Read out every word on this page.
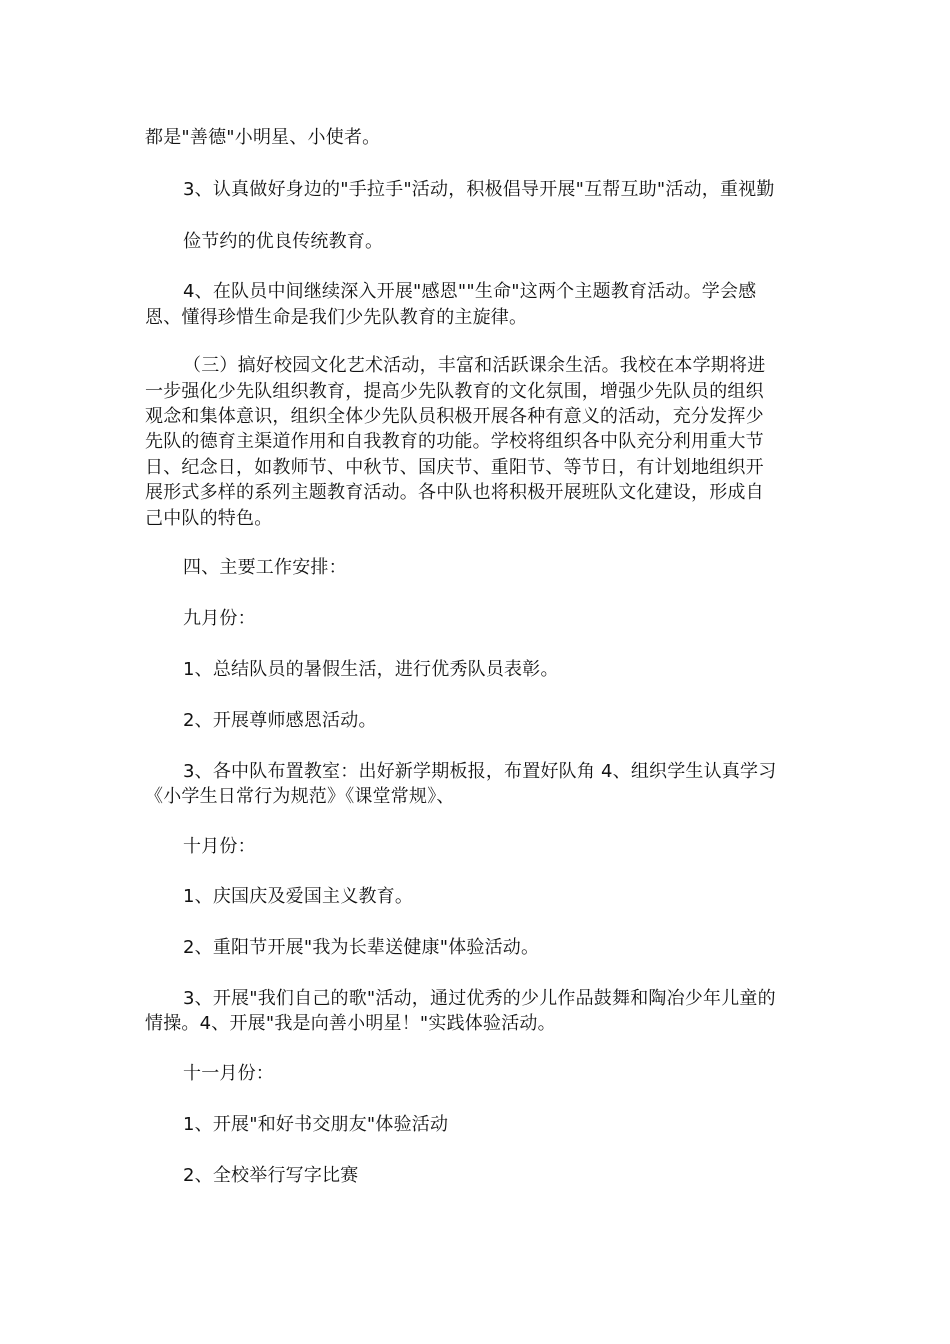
都是"善德"小明星、小使者。
3、认真做好身边的"手拉手"活动，积极倡导开展"互帮互助"活动，重视勤
俭节约的优良传统教育。
4、在队员中间继续深入开展"感恩""生命"这两个主题教育活动。学会感
恩、懂得珍惜生命是我们少先队教育的主旋律。
（三）搞好校园文化艺术活动，丰富和活跃课余生活。我校在本学期将进
一步强化少先队组织教育，提高少先队教育的文化氛围，增强少先队员的组织
观念和集体意识，组织全体少先队员积极开展各种有意义的活动，充分发挥少
先队的德育主渠道作用和自我教育的功能。学校将组织各中队充分利用重大节
日、纪念日，如教师节、中秋节、国庆节、重阳节、等节日，有计划地组织开
展形式多样的系列主题教育活动。各中队也将积极开展班队文化建设，形成自
己中队的特色。
四、主要工作安排：
九月份：
1、总结队员的暑假生活，进行优秀队员表彰。
2、开展尊师感恩活动。
3、各中队布置教室：出好新学期板报，布置好队角 4、组织学生认真学习
《小学生日常行为规范》《课堂常规》、
十月份：
1、庆国庆及爱国主义教育。
2、重阳节开展"我为长辈送健康"体验活动。
3、开展"我们自己的歌"活动，通过优秀的少儿作品鼓舞和陶冶少年儿童的
情操。4、开展"我是向善小明星！"实践体验活动。
十一月份：
1、开展"和好书交朋友"体验活动
2、全校举行写字比赛
